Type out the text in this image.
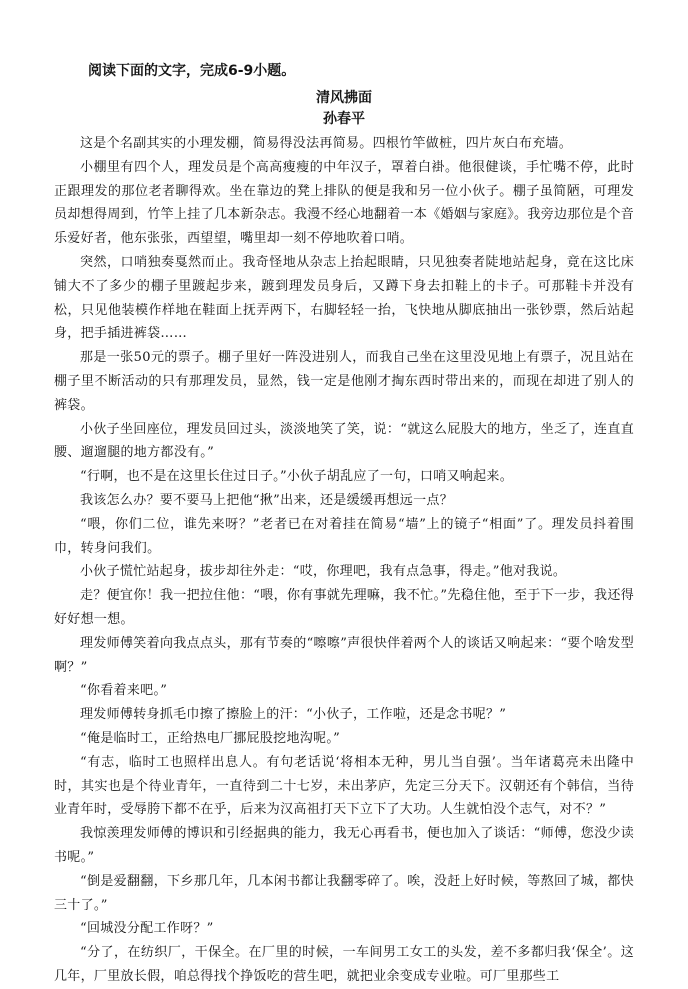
阅读下面的文字，完成6-9小题。

清风拂面

孙春平

这是个名副其实的小理发棚，简易得没法再简易。四根竹竿做桩，四片灰白布充墙。

小棚里有四个人，理发员是个高高瘦瘦的中年汉子，罩着白褂。他很健谈，手忙嘴不停，此时正跟理发的那位老者聊得欢。坐在靠边的凳上排队的便是我和另一位小伙子。棚子虽简陋，可理发员却想得周到，竹竿上挂了几本新杂志。我漫不经心地翻着一本《婚姻与家庭》。我旁边那位是个音乐爱好者，他东张张，西望望，嘴里却一刻不停地吹着口哨。

突然，口哨独奏戛然而止。我奇怪地从杂志上抬起眼睛，只见独奏者陡地站起身，竟在这比床铺大不了多少的棚子里踱起步来，踱到理发员身后，又蹲下身去扣鞋上的卡子。可那鞋卡并没有松，只见他装模作样地在鞋面上抚弄两下，右脚轻轻一抬，飞快地从脚底抽出一张钞票，然后站起身，把手插进裤袋……

那是一张50元的票子。棚子里好一阵没进别人，而我自己坐在这里没见地上有票子，况且站在棚子里不断活动的只有那理发员，显然，钱一定是他刚才掏东西时带出来的，而现在却进了别人的裤袋。

小伙子坐回座位，理发员回过头，淡淡地笑了笑，说：“就这么屁股大的地方，坐乏了，连直直腰、遛遛腿的地方都没有。”

“行啊，也不是在这里长住过日子。”小伙子胡乱应了一句，口哨又响起来。

我该怎么办？要不要马上把他“揪”出来，还是缓缓再想远一点？

“喂，你们二位，谁先来呀？”老者已在对着挂在简易“墙”上的镜子“相面”了。理发员抖着围巾，转身问我们。

小伙子慌忙站起身，拔步却往外走：“哎，你理吧，我有点急事，得走。”他对我说。

走？便宜你！我一把拉住他：“喂，你有事就先理嘛，我不忙。”先稳住他，至于下一步，我还得好好想一想。

理发师傅笑着向我点点头，那有节奏的“嚓嚓”声很快伴着两个人的谈话又响起来：“要个啥发型啊？”

“你看着来吧。”

理发师傅转身抓毛巾擦了擦脸上的汗：“小伙子，工作啦，还是念书呢？”

“俺是临时工，正给热电厂挪屁股挖地沟呢。”

“有志，临时工也照样出息人。有句老话说‘将相本无种，男儿当自强’。当年诸葛亮未出隆中时，其实也是个待业青年，一直待到二十七岁，未出茅庐，先定三分天下。汉朝还有个韩信，当待业青年时，受辱胯下都不在乎，后来为汉高祖打天下立下了大功。人生就怕没个志气，对不？”

我惊羡理发师傅的博识和引经据典的能力，我无心再看书，便也加入了谈话：“师傅，您没少读书呢。”

“倒是爱翻翻，下乡那几年，几本闲书都让我翻零碎了。唉，没赶上好时候，等熬回了城，都快三十了。”

“回城没分配工作呀？”

“分了，在纺织厂，干保全。在厂里的时候，一车间男工女工的头发，差不多都归我‘保全’。这几年，厂里放长假，咱总得找个挣饭吃的营生吧，就把业余变成专业啦。可厂里那些工
